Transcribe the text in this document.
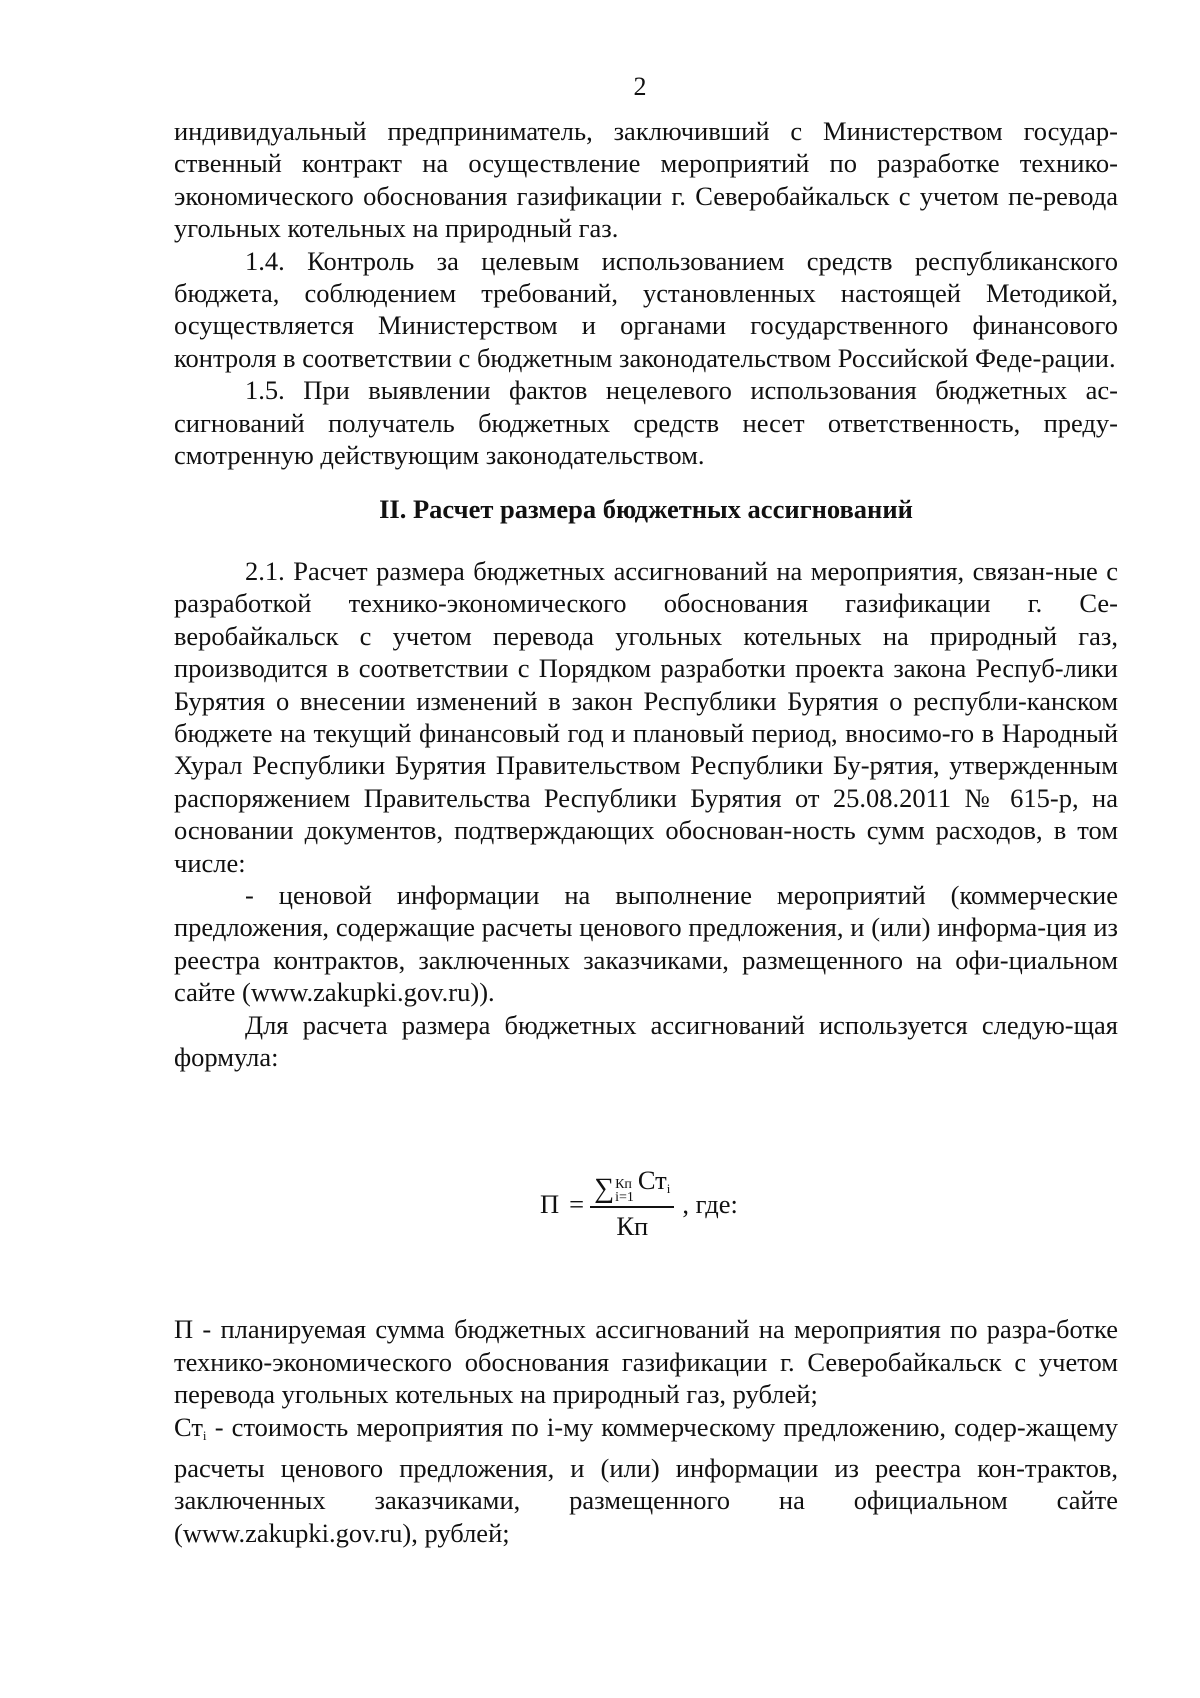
2

индивидуальный предприниматель, заключивший с Министерством государ-ственный контракт на осуществление мероприятий по разработке технико-экономического обоснования газификации г. Северобайкальск с учетом пе-ревода угольных котельных на природный газ.

1.4. Контроль за целевым использованием средств республиканского бюджета, соблюдением требований, установленных настоящей Методикой, осуществляется Министерством и органами государственного финансового контроля в соответствии с бюджетным законодательством Российской Феде-рации.

1.5. При выявлении фактов нецелевого использования бюджетных ас-сигнований получатель бюджетных средств несет ответственность, преду-смотренную действующим законодательством.

II. Расчет размера бюджетных ассигнований

2.1. Расчет размера бюджетных ассигнований на мероприятия, связан-ные с разработкой технико-экономического обоснования газификации г. Се-веробайкальск с учетом перевода угольных котельных на природный газ, производится в соответствии с Порядком разработки проекта закона Респуб-лики Бурятия о внесении изменений в закон Республики Бурятия о республи-канском бюджете на текущий финансовый год и плановый период, вносимо-го в Народный Хурал Республики Бурятия Правительством Республики Бу-рятия, утвержденным распоряжением Правительства Республики Бурятия от 25.08.2011 № 615-р, на основании документов, подтверждающих обоснован-ность сумм расходов, в том числе:

- ценовой информации на выполнение мероприятий (коммерческие предложения, содержащие расчеты ценового предложения, и (или) информа-ция из реестра контрактов, заключенных заказчиками, размещенного на офи-циальном сайте (www.zakupki.gov.ru)).

Для расчета размера бюджетных ассигнований используется следую-щая формула:

П = ∑ Кп
i=1
Стi
Кп
, где:

П - планируемая сумма бюджетных ассигнований на мероприятия по разра-ботке технико-экономического обоснования газификации г. Северобайкальск с учетом перевода угольных котельных на природный газ, рублей;

Стi - стоимость мероприятия по i-му коммерческому предложению, содер-жащему расчеты ценового предложения, и (или) информации из реестра кон-трактов, заключенных заказчиками, размещенного на официальном сайте (www.zakupki.gov.ru), рублей;
